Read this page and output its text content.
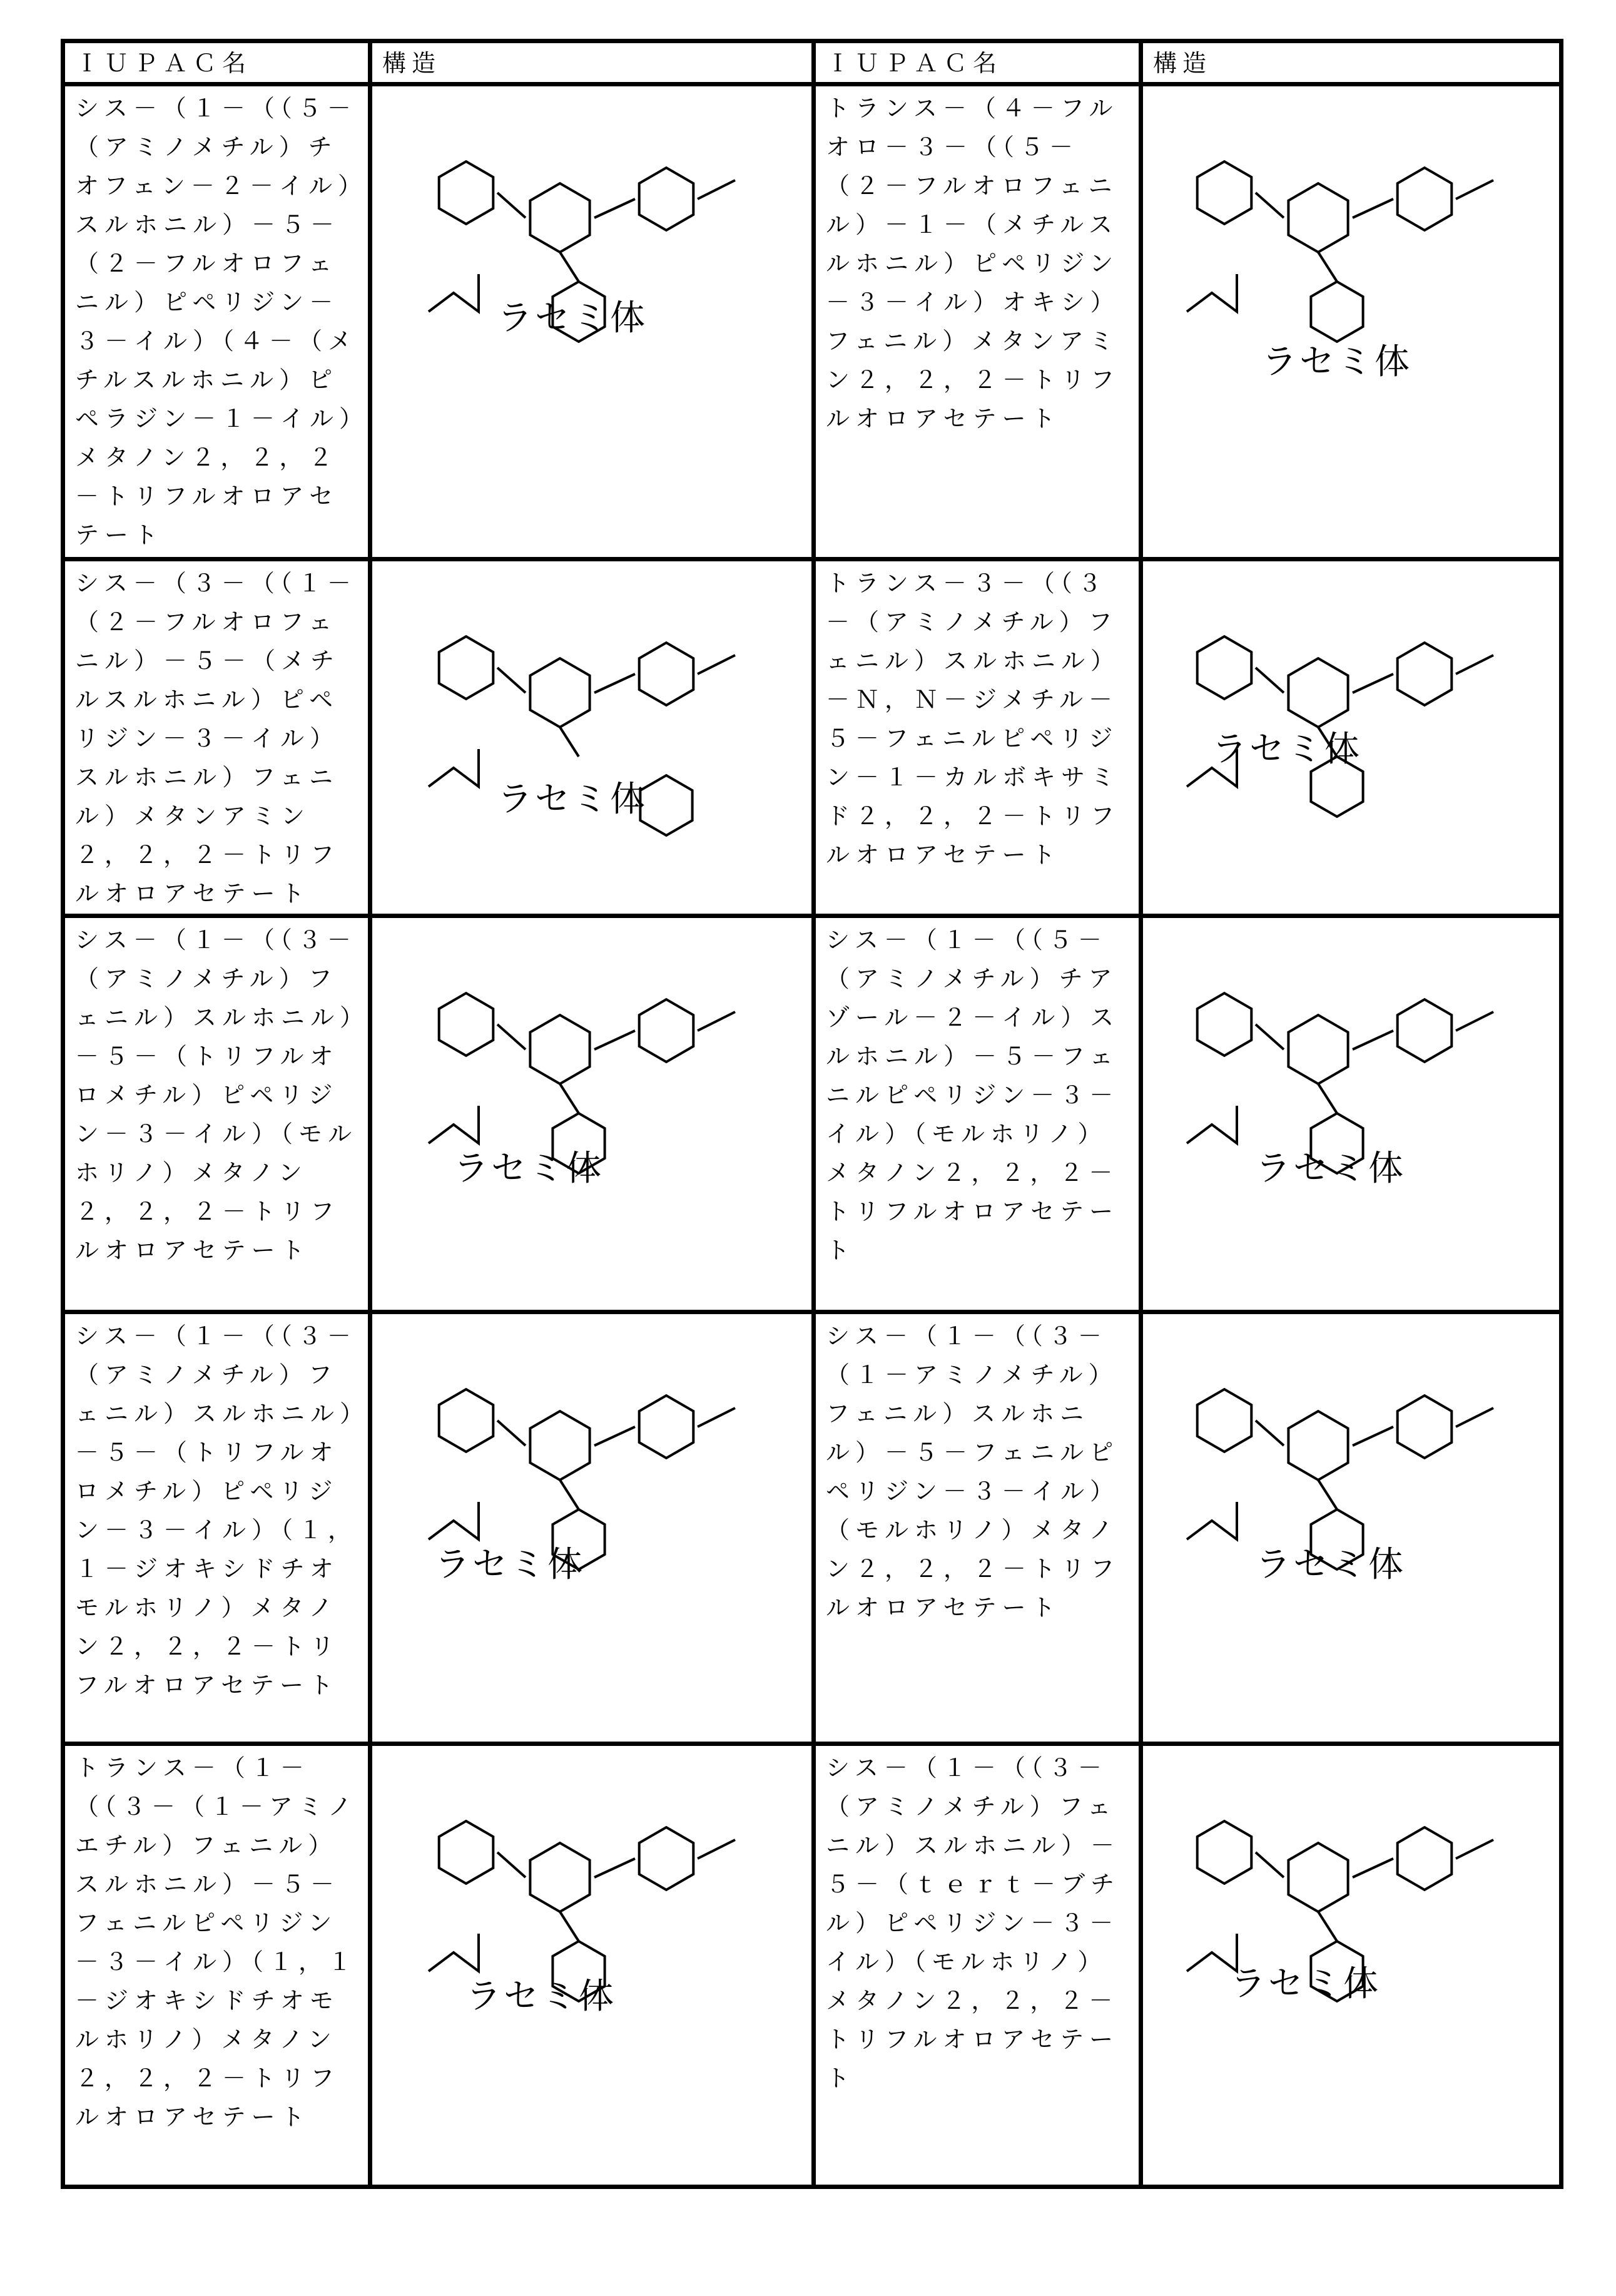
ＩＵＰＡＣ名	構造	ＩＵＰＡＣ名	構造
シス－（１－（（５－（アミノメチル）チオフェン－２－イル）スルホニル）－５－（２－フルオロフェニル）ピペリジン－３－イル）（４－（メチルスルホニル）ピペラジン－１－イル）メタノン２，２，２－トリフルオロアセテート	
ラセミ体
	トランス－（４－フルオロ－３－（（５－（２－フルオロフェニル）－１－（メチルスルホニル）ピペリジン－３－イル）オキシ）フェニル）メタンアミン２，２，２－トリフルオロアセテート	
ラセミ体

シス－（３－（（１－（２－フルオロフェニル）－５－（メチルスルホニル）ピペリジン－３－イル）スルホニル）フェニル）メタンアミン２，２，２－トリフルオロアセテート	
ラセミ体
	トランス－３－（（３－（アミノメチル）フェニル）スルホニル）－Ｎ，Ｎ－ジメチル－５－フェニルピペリジン－１－カルボキサミド２，２，２－トリフルオロアセテート	
ラセミ体

シス－（１－（（３－（アミノメチル）フェニル）スルホニル）－５－（トリフルオロメチル）ピペリジン－３－イル）（モルホリノ）メタノン２，２，２－トリフルオロアセテート	
ラセミ体
	シス－（１－（（５－（アミノメチル）チアゾール－２－イル）スルホニル）－５－フェニルピペリジン－３－イル）（モルホリノ）メタノン２，２，２－トリフルオロアセテート	
ラセミ体

シス－（１－（（３－（アミノメチル）フェニル）スルホニル）－５－（トリフルオロメチル）ピペリジン－３－イル）（１，１－ジオキシドチオモルホリノ）メタノン２，２，２－トリフルオロアセテート	
ラセミ体
	シス－（１－（（３－（１－アミノメチル）フェニル）スルホニル）－５－フェニルピペリジン－３－イル）（モルホリノ）メタノン２，２，２－トリフルオロアセテート	
ラセミ体

トランス－（１－（（３－（１－アミノエチル）フェニル）スルホニル）－５－フェニルピペリジン－３－イル）（１，１－ジオキシドチオモルホリノ）メタノン２，２，２－トリフルオロアセテート	
ラセミ体
	シス－（１－（（３－（アミノメチル）フェニル）スルホニル）－５－（ｔｅｒｔ－ブチル）ピペリジン－３－イル）（モルホリノ）メタノン２，２，２－トリフルオロアセテート	
ラセミ体
